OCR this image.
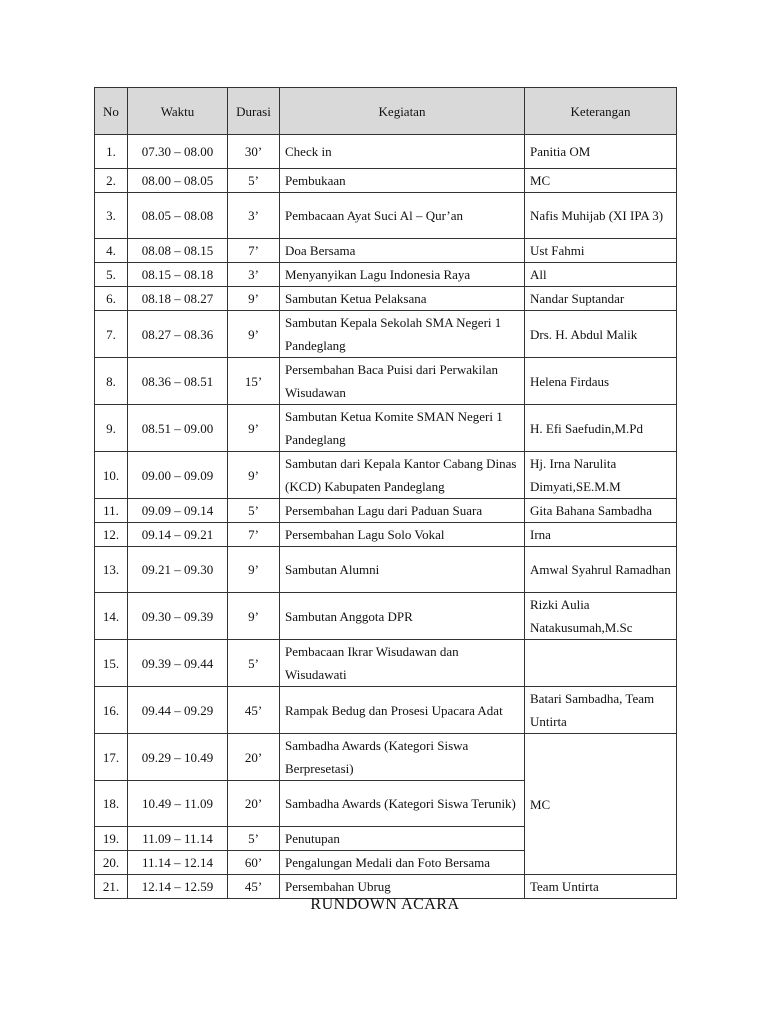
No	Waktu	Durasi	Kegiatan	Keterangan
1.	07.30 – 08.00	30’	Check in	Panitia OM
2.	08.00 – 08.05	5’	Pembukaan	MC
3.	08.05 – 08.08	3’	Pembacaan Ayat Suci Al – Qur’an	Nafis Muhijab (XI IPA 3)
4.	08.08 – 08.15	7’	Doa Bersama	Ust Fahmi
5.	08.15 – 08.18	3’	Menyanyikan Lagu Indonesia Raya	All
6.	08.18 – 08.27	9’	Sambutan Ketua Pelaksana	Nandar Suptandar
7.	08.27 – 08.36	9’	Sambutan Kepala Sekolah SMA Negeri 1 Pandeglang	Drs. H. Abdul Malik
8.	08.36 – 08.51	15’	Persembahan Baca Puisi dari Perwakilan Wisudawan	Helena Firdaus
9.	08.51 – 09.00	9’	Sambutan Ketua Komite SMAN Negeri 1 Pandeglang	H. Efi Saefudin,M.Pd
10.	09.00 – 09.09	9’	Sambutan dari Kepala Kantor Cabang Dinas (KCD) Kabupaten Pandeglang	Hj. Irna Narulita Dimyati,SE.M.M
11.	09.09 – 09.14	5’	Persembahan Lagu dari Paduan Suara	Gita Bahana Sambadha
12.	09.14 – 09.21	7’	Persembahan Lagu Solo Vokal	Irna
13.	09.21 – 09.30	9’	Sambutan Alumni	Amwal Syahrul Ramadhan
14.	09.30 – 09.39	9’	Sambutan Anggota DPR	Rizki Aulia Natakusumah,M.Sc
15.	09.39 – 09.44	5’	Pembacaan Ikrar Wisudawan dan Wisudawati	
16.	09.44 – 09.29	45’	Rampak Bedug dan Prosesi Upacara Adat	Batari Sambadha, Team Untirta
17.	09.29 – 10.49	20’	Sambadha Awards (Kategori Siswa Berpresetasi)	MC
18.	10.49 – 11.09	20’	Sambadha Awards (Kategori Siswa Terunik)	
19.	11.09 – 11.14	5’	Penutupan	
20.	11.14 – 12.14	60’	Pengalungan Medali dan Foto Bersama	
21.	12.14 – 12.59	45’	Persembahan Ubrug	Team Untirta
RUNDOWN ACARA
